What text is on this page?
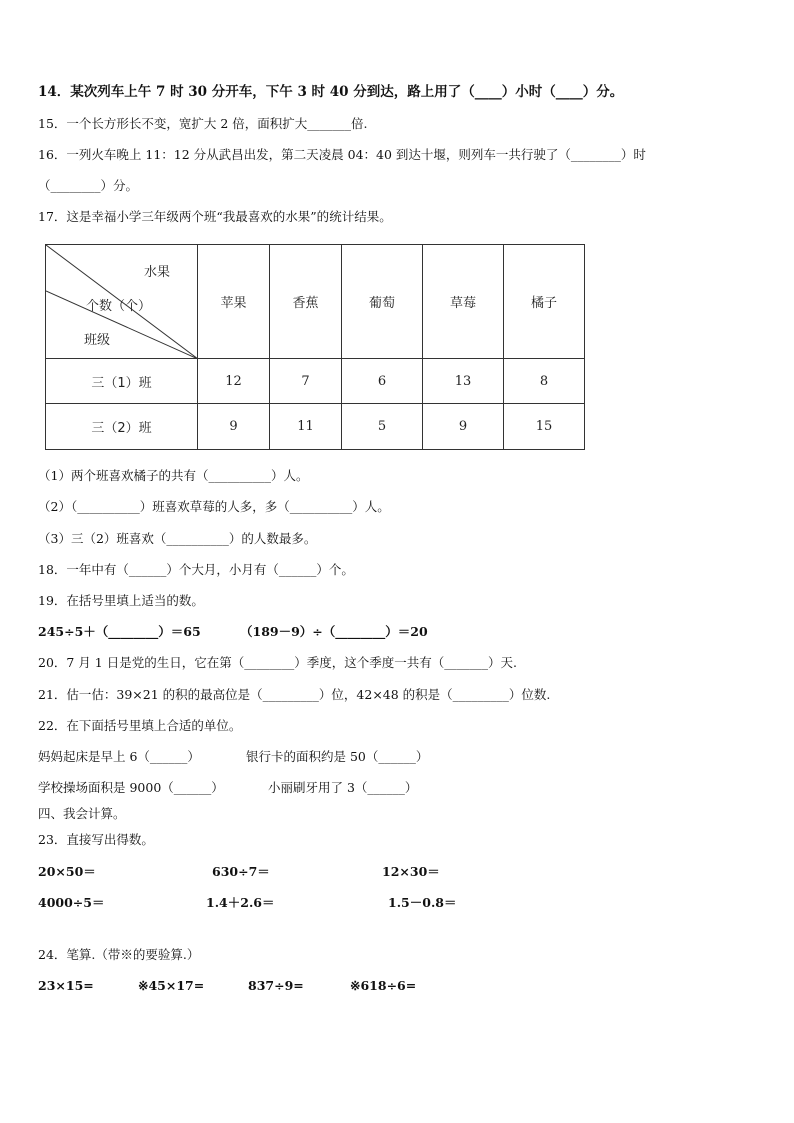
14．某次列车上午 7 时 30 分开车，下午 3 时 40 分到达，路上用了（____）小时（____）分。
15．一个长方形长不变，宽扩大 2 倍，面积扩大_______倍.
16．一列火车晚上 11：12 分从武昌出发，第二天凌晨 04：40 到达十堰，则列车一共行驶了（________）时
（________）分。
17．这是幸福小学三年级两个班“我最喜欢的水果”的统计结果。
水果
个数（个）
班级	苹果	香蕉	葡萄	草莓	橘子
三（1）班	12	7	6	13	8
三（2）班	9	11	5	9	15
（1）两个班喜欢橘子的共有（__________）人。
（2）（__________）班喜欢草莓的人多，多（__________）人。
（3）三（2）班喜欢（__________）的人数最多。
18．一年中有（______）个大月，小月有（______）个。
19．在括号里填上适当的数。
245÷5＋（________）＝65	（189－9）÷（________）＝20
20．7 月 1 日是党的生日，它在第（________）季度，这个季度一共有（_______）天.
21．估一估：39×21 的积的最高位是（_________）位，42×48 的积是（_________）位数.
22．在下面括号里填上合适的单位。
妈妈起床是早上 6（______）	银行卡的面积约是 50（______）
学校操场面积是 9000（______）	小丽刷牙用了 3（______）
四、我会计算。
23．直接写出得数。
20×50＝	630÷7＝	12×30＝
4000÷5＝	1.4＋2.6＝	1.5－0.8＝
24．笔算.（带※的要验算.）
23×15=	※45×17=	837÷9=	※618÷6=
